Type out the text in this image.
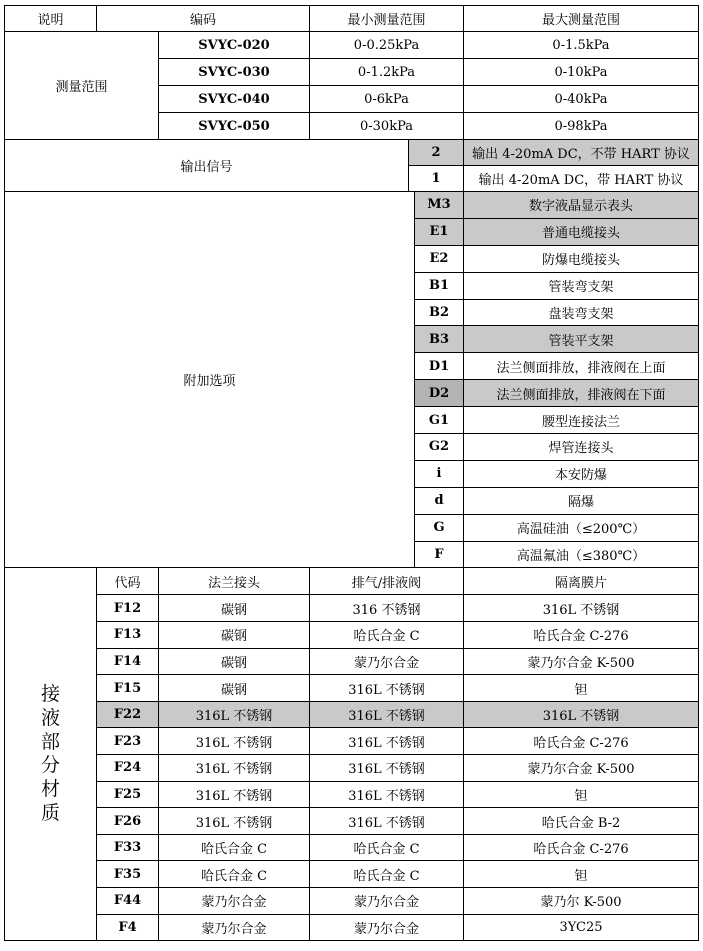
说明	编码		最小测量范围			最大测量范围
测量范围		SVYC-020	0-0.25kPa			0-1.5kPa
		SVYC-030	0-1.2kPa			0-10kPa
		SVYC-040	0-6kPa			0-40kPa
		SVYC-050	0-30kPa			0-98kPa
输出信号				2		输出 4-20mA DC，不带 HART 协议
				1		输出 4-20mA DC，带 HART 协议
附加选项					M3	数字液晶显示表头
					E1	普通电缆接头
					E2	防爆电缆接头
					B1	管装弯支架
					B2	盘装弯支架
					B3	管装平支架
					D1	法兰侧面排放，排液阀在上面
					D2	法兰侧面排放，排液阀在下面
					G1	腰型连接法兰
					G2	焊管连接头
					i	本安防爆
					d	隔爆
					G	高温硅油（≤200℃）
					F	高温氟油（≤380℃）
接液部分材质	代码	法兰接头	排气/排液阀			隔离膜片
	F12	碳钢	316 不锈钢			316L 不锈钢
	F13	碳钢	哈氏合金 C			哈氏合金 C-276
	F14	碳钢	蒙乃尔合金			蒙乃尔合金 K-500
	F15	碳钢	316L 不锈钢			钽
	F22	316L 不锈钢	316L 不锈钢			316L 不锈钢
	F23	316L 不锈钢	316L 不锈钢			哈氏合金 C-276
	F24	316L 不锈钢	316L 不锈钢			蒙乃尔合金 K-500
	F25	316L 不锈钢	316L 不锈钢			钽
	F26	316L 不锈钢	316L 不锈钢			哈氏合金 B-2
	F33	哈氏合金 C	哈氏合金 C			哈氏合金 C-276
	F35	哈氏合金 C	哈氏合金 C			钽
	F44	蒙乃尔合金	蒙乃尔合金			蒙乃尔 K-500
	F4	蒙乃尔合金	蒙乃尔合金			3YC25
